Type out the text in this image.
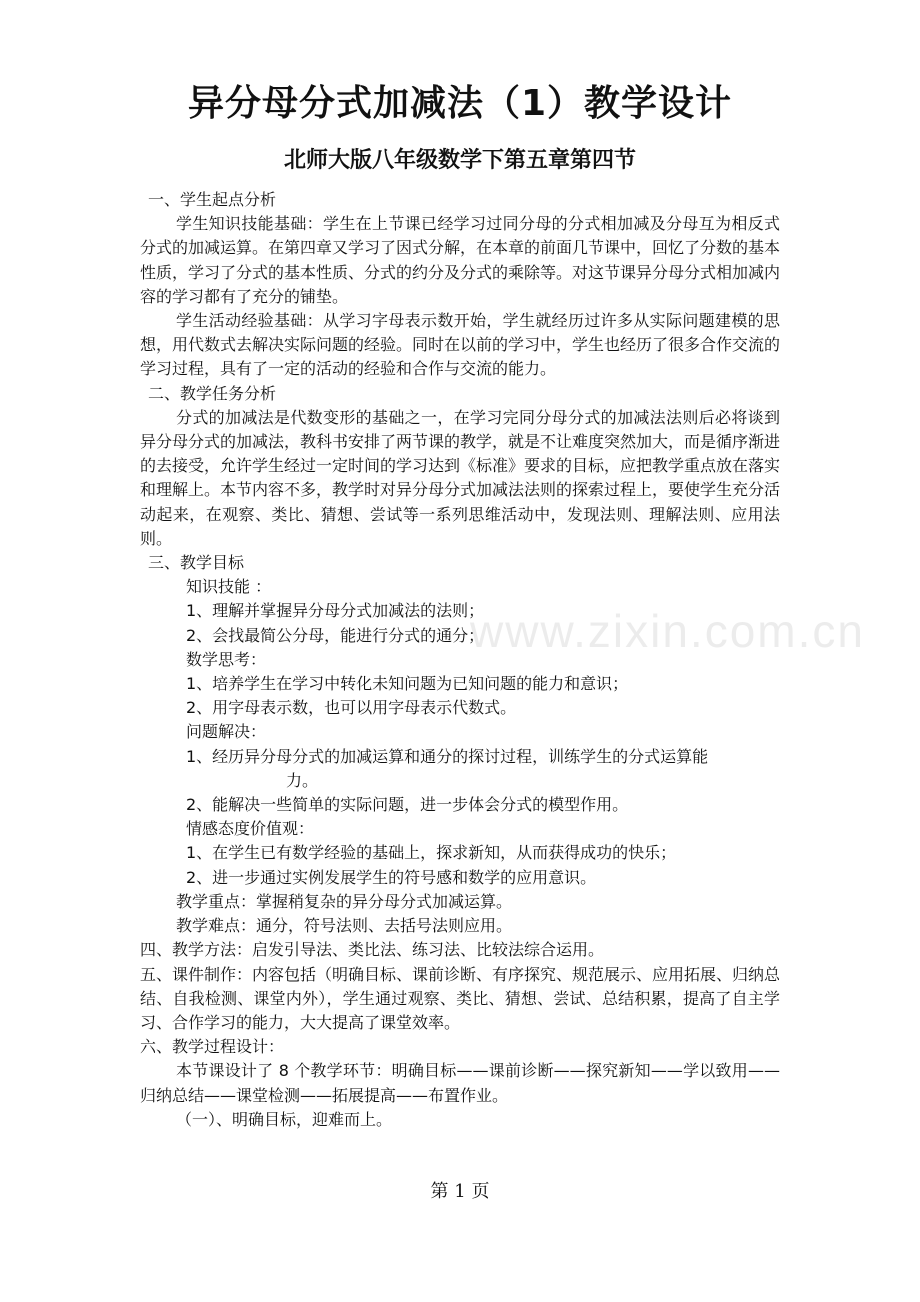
异分母分式加减法（1）教学设计
北师大版八年级数学下第五章第四节

一、学生起点分析

学生知识技能基础：学生在上节课已经学习过同分母的分式相加减及分母互为相反式分式的加减运算。在第四章又学习了因式分解，在本章的前面几节课中，回忆了分数的基本性质，学习了分式的基本性质、分式的约分及分式的乘除等。对这节课异分母分式相加减内容的学习都有了充分的铺垫。

学生活动经验基础：从学习字母表示数开始，学生就经历过许多从实际问题建模的思想，用代数式去解决实际问题的经验。同时在以前的学习中，学生也经历了很多合作交流的学习过程，具有了一定的活动的经验和合作与交流的能力。

二、教学任务分析

分式的加减法是代数变形的基础之一，在学习完同分母分式的加减法法则后必将谈到异分母分式的加减法，教科书安排了两节课的教学，就是不让难度突然加大，而是循序渐进的去接受，允许学生经过一定时间的学习达到《标准》要求的目标，应把教学重点放在落实和理解上。本节内容不多，教学时对异分母分式加减法法则的探索过程上，要使学生充分活动起来，在观察、类比、猜想、尝试等一系列思维活动中，发现法则、理解法则、应用法则。

三、教学目标

知识技能 ：

1、理解并掌握异分母分式加减法的法则；

2、会找最简公分母，能进行分式的通分；

数学思考：

1、培养学生在学习中转化未知问题为已知问题的能力和意识；

2、用字母表示数，也可以用字母表示代数式。

问题解决：

1、经历异分母分式的加减运算和通分的探讨过程，训练学生的分式运算能
力。

2、能解决一些简单的实际问题，进一步体会分式的模型作用。

情感态度价值观：

1、在学生已有数学经验的基础上，探求新知，从而获得成功的快乐；

2、进一步通过实例发展学生的符号感和数学的应用意识。

教学重点：掌握稍复杂的异分母分式加减运算。

教学难点：通分，符号法则、去括号法则应用。

四、教学方法：启发引导法、类比法、练习法、比较法综合运用。

五、课件制作：内容包括（明确目标、课前诊断、有序探究、规范展示、应用拓展、归纳总结、自我检测、课堂内外），学生通过观察、类比、猜想、尝试、总结积累，提高了自主学习、合作学习的能力，大大提高了课堂效率。

六、教学过程设计：

本节课设计了 8 个教学环节：明确目标——课前诊断——探究新知——学以致用——归纳总结——课堂检测——拓展提高——布置作业。

（一）、明确目标，迎难而上。

www.zixin.com.cn
第 1 页
